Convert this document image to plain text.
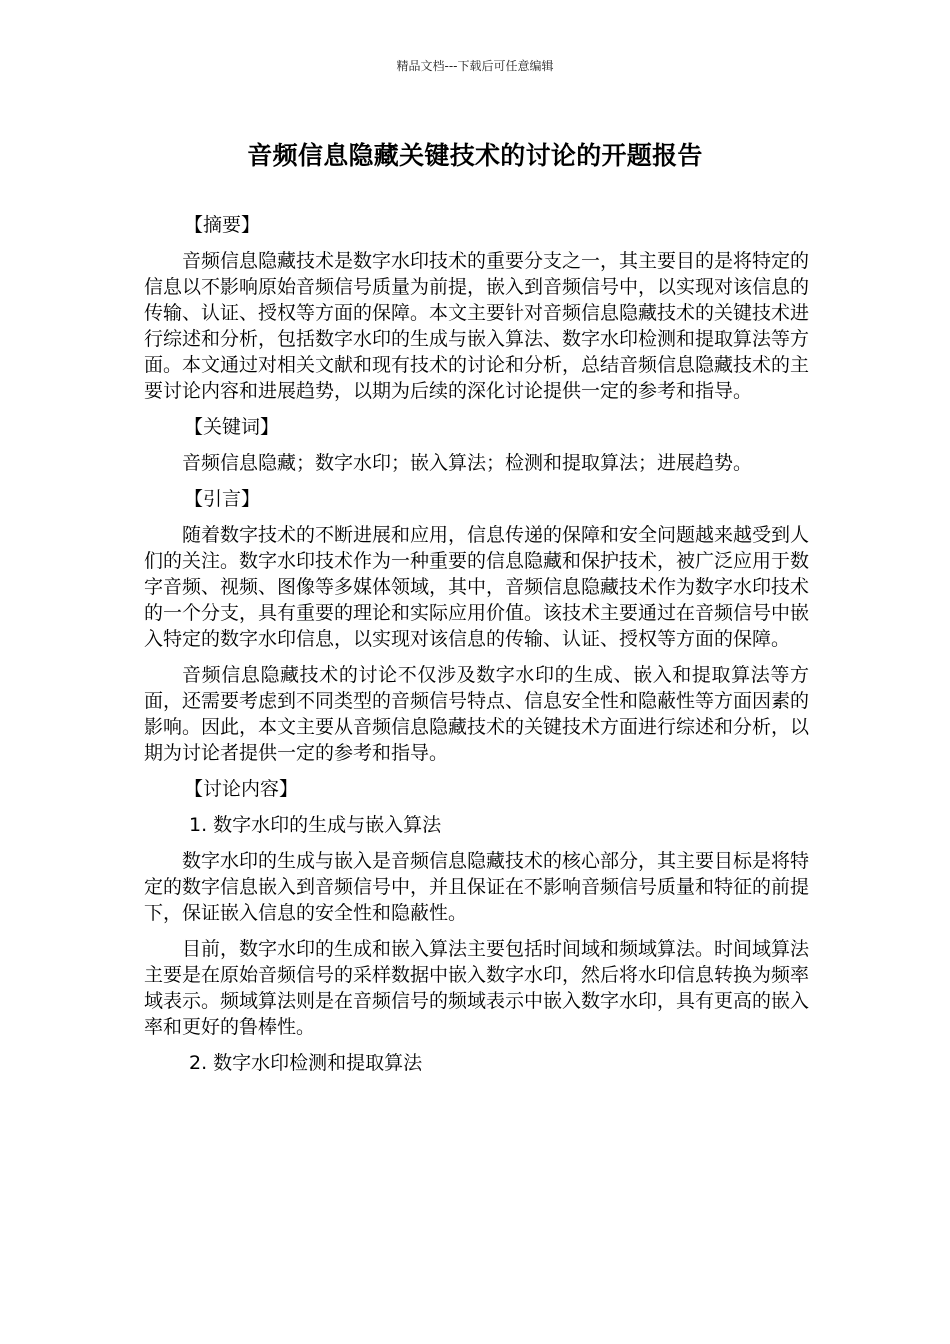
精品文档---下载后可任意编辑
音频信息隐藏关键技术的讨论的开题报告

【摘要】

音频信息隐藏技术是数字水印技术的重要分支之一，其主要目的是将特定的信息以不影响原始音频信号质量为前提，嵌入到音频信号中，以实现对该信息的传输、认证、授权等方面的保障。本文主要针对音频信息隐藏技术的关键技术进行综述和分析，包括数字水印的生成与嵌入算法、数字水印检测和提取算法等方面。本文通过对相关文献和现有技术的讨论和分析，总结音频信息隐藏技术的主要讨论内容和进展趋势，以期为后续的深化讨论提供一定的参考和指导。

【关键词】

音频信息隐藏；数字水印；嵌入算法；检测和提取算法；进展趋势。

【引言】

随着数字技术的不断进展和应用，信息传递的保障和安全问题越来越受到人们的关注。数字水印技术作为一种重要的信息隐藏和保护技术，被广泛应用于数字音频、视频、图像等多媒体领域，其中，音频信息隐藏技术作为数字水印技术的一个分支，具有重要的理论和实际应用价值。该技术主要通过在音频信号中嵌入特定的数字水印信息，以实现对该信息的传输、认证、授权等方面的保障。

音频信息隐藏技术的讨论不仅涉及数字水印的生成、嵌入和提取算法等方面，还需要考虑到不同类型的音频信号特点、信息安全性和隐蔽性等方面因素的影响。因此，本文主要从音频信息隐藏技术的关键技术方面进行综述和分析，以期为讨论者提供一定的参考和指导。

【讨论内容】

1. 数字水印的生成与嵌入算法

数字水印的生成与嵌入是音频信息隐藏技术的核心部分，其主要目标是将特定的数字信息嵌入到音频信号中，并且保证在不影响音频信号质量和特征的前提下，保证嵌入信息的安全性和隐蔽性。

目前，数字水印的生成和嵌入算法主要包括时间域和频域算法。时间域算法主要是在原始音频信号的采样数据中嵌入数字水印，然后将水印信息转换为频率域表示。频域算法则是在音频信号的频域表示中嵌入数字水印，具有更高的嵌入率和更好的鲁棒性。

2. 数字水印检测和提取算法
